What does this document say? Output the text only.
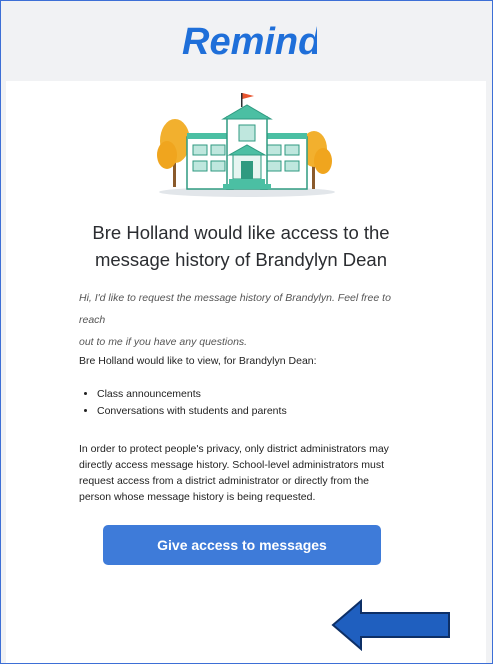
Remind
Bre Holland would like access to the
message history of Brandylyn Dean
Hi, I'd like to request the message history of Brandylyn. Feel free to reach
out to me if you have any questions.
Bre Holland would like to view, for Brandylyn Dean:
• Class announcements
• Conversations with students and parents
In order to protect people's privacy, only district administrators may
directly access message history. School-level administrators must
request access from a district administrator or directly from the
person whose message history is being requested.
Give access to messages
